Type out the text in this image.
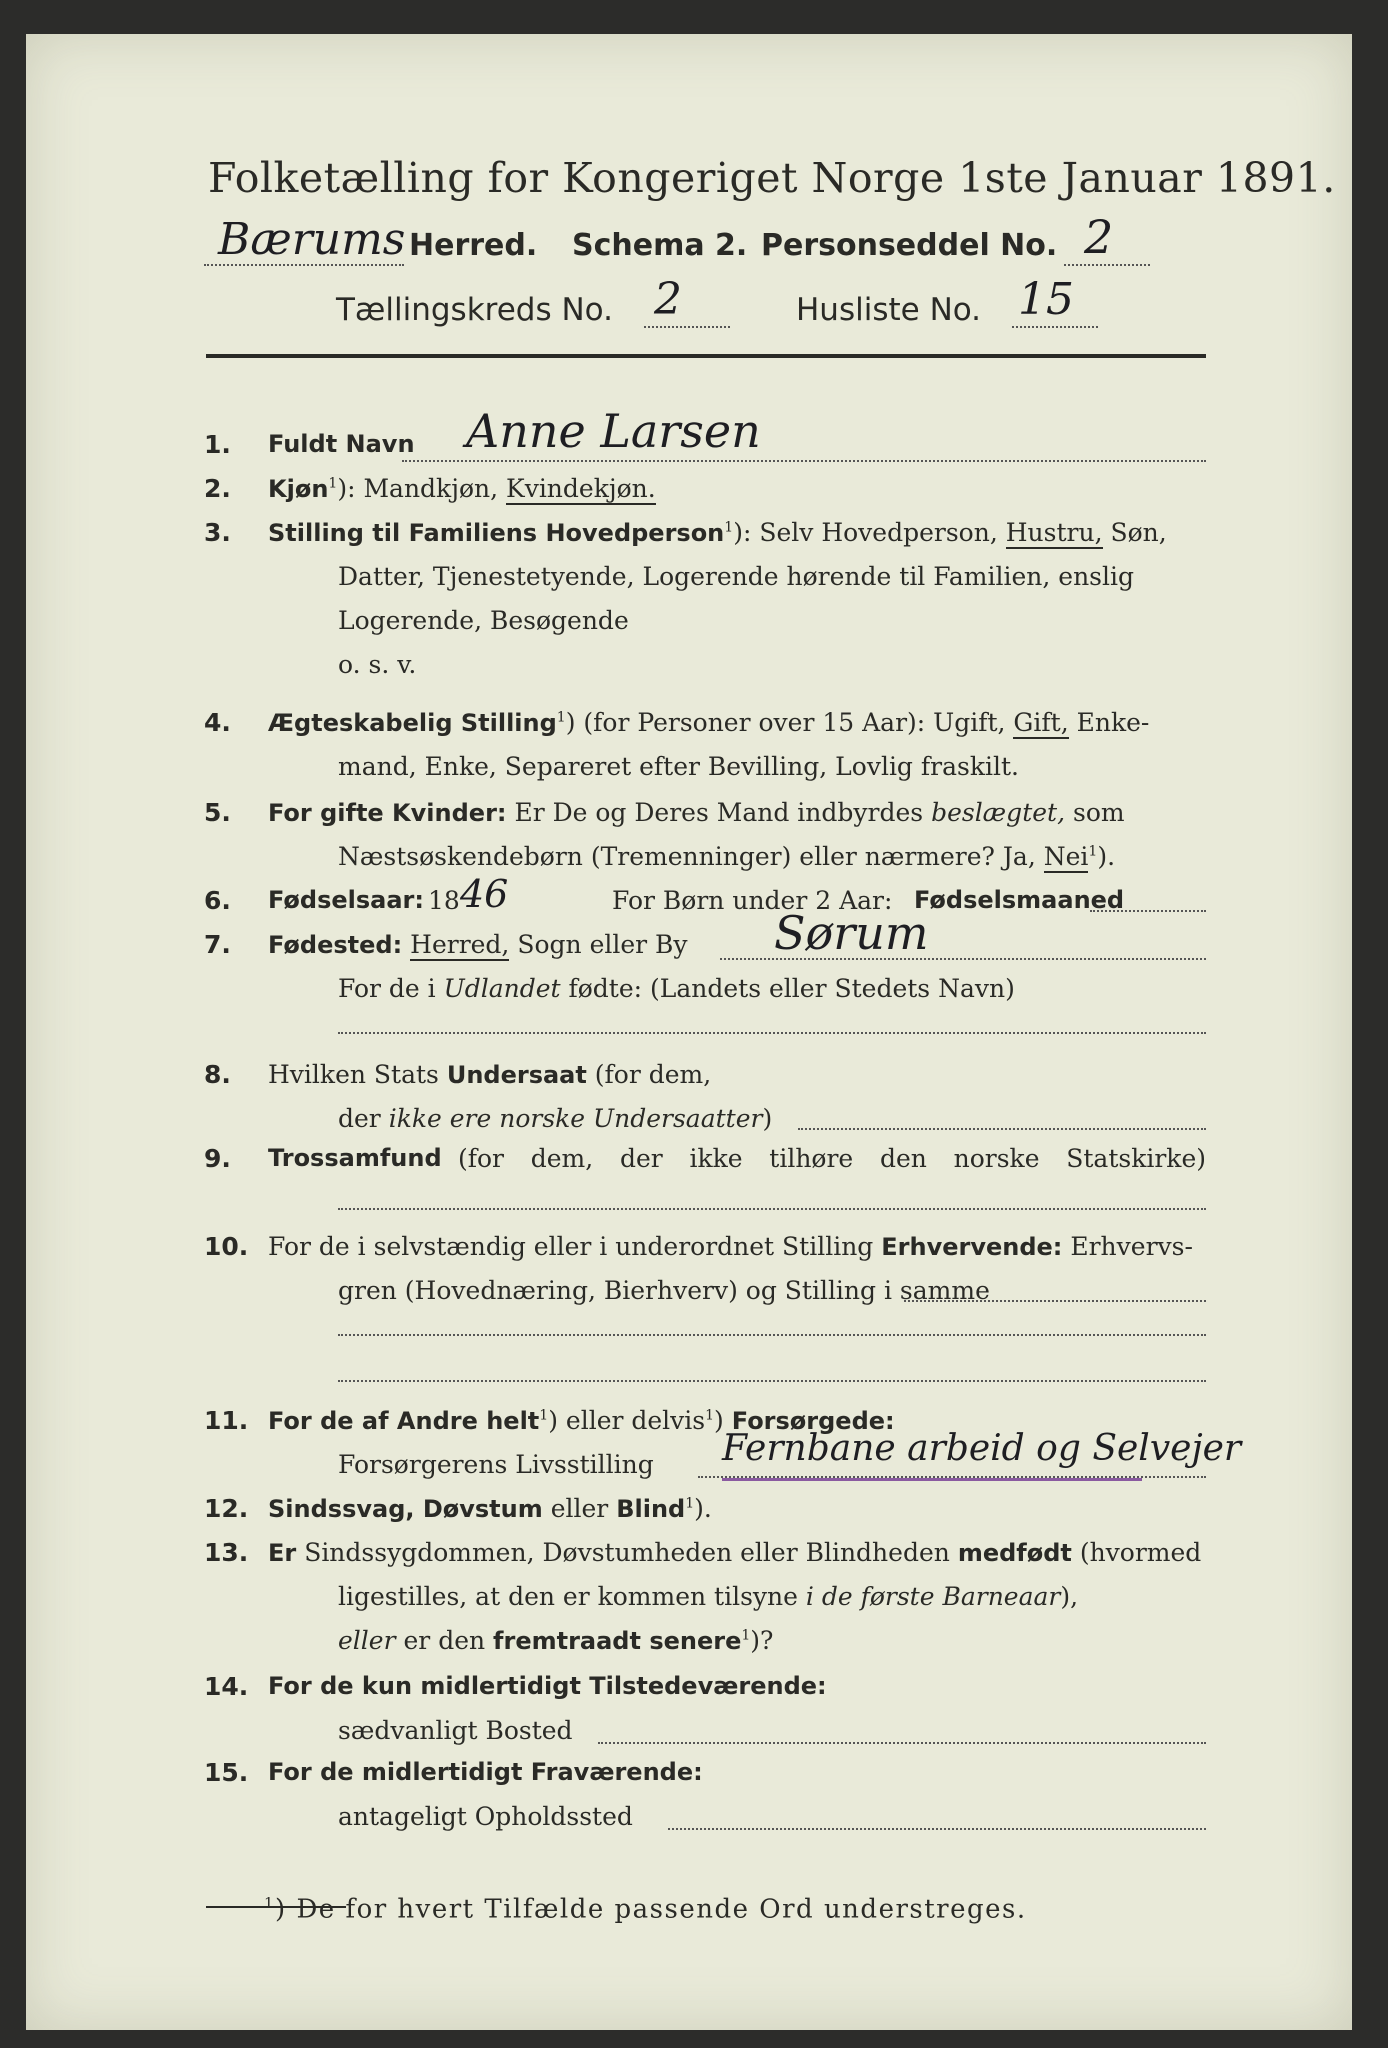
Folketælling for Kongeriget Norge 1ste Januar 1891.
Bærums Herred. Schema 2. Personseddel No. 2
Tællingskreds No. 2	Husliste No. 15
1. Fuldt Navn Anne Larsen
2. Kjøn$^1$): Mandkjøn, Kvindekjøn.
3. Stilling til Familiens Hovedperson$^1$): Selv Hovedperson, Hustru, Søn,
Datter, Tjenestetyende, Logerende hørende til Familien, enslig
Logerende, Besøgende
o. s. v.
4. Ægteskabelig Stilling$^1$) (for Personer over 15 Aar): Ugift, Gift, Enke-
mand, Enke, Separeret efter Bevilling, Lovlig fraskilt.
5. For gifte Kvinder: Er De og Deres Mand indbyrdes beslægtet, som
Næstsøskendebørn (Tremenninger) eller nærmere? Ja, Nei$^1$).
6. Fødselsaar: 18 46	For Børn under 2 Aar: Fødselsmaaned
7. Fødested: Herred, Sogn eller By Sørum
For de i Udlandet fødte: (Landets eller Stedets Navn)
8. Hvilken Stats Undersaat (for dem,
der ikke ere norske Undersaatter)
9. Trossamfund (for dem, der ikke tilhøre den norske Statskirke)
10. For de i selvstændig eller i underordnet Stilling Erhvervende: Erhvervs-
gren (Hovednæring, Bierhverv) og Stilling i samme
11. For de af Andre helt$^1$) eller delvis$^1$) Forsørgede:
Forsørgerens Livsstilling Fernbane arbeid og Selvejer
12. Sindssvag, Døvstum eller Blind$^1$).
13. Er Sindssygdommen, Døvstumheden eller Blindheden medfødt (hvormed
ligestilles, at den er kommen tilsyne i de første Barneaar),
eller er den fremtraadt senere$^1$)?
14. For de kun midlertidigt Tilstedeværende:
sædvanligt Bosted
15. For de midlertidigt Fraværende:
antageligt Opholdssted
$^1$) De for hvert Tilfælde passende Ord understreges.
